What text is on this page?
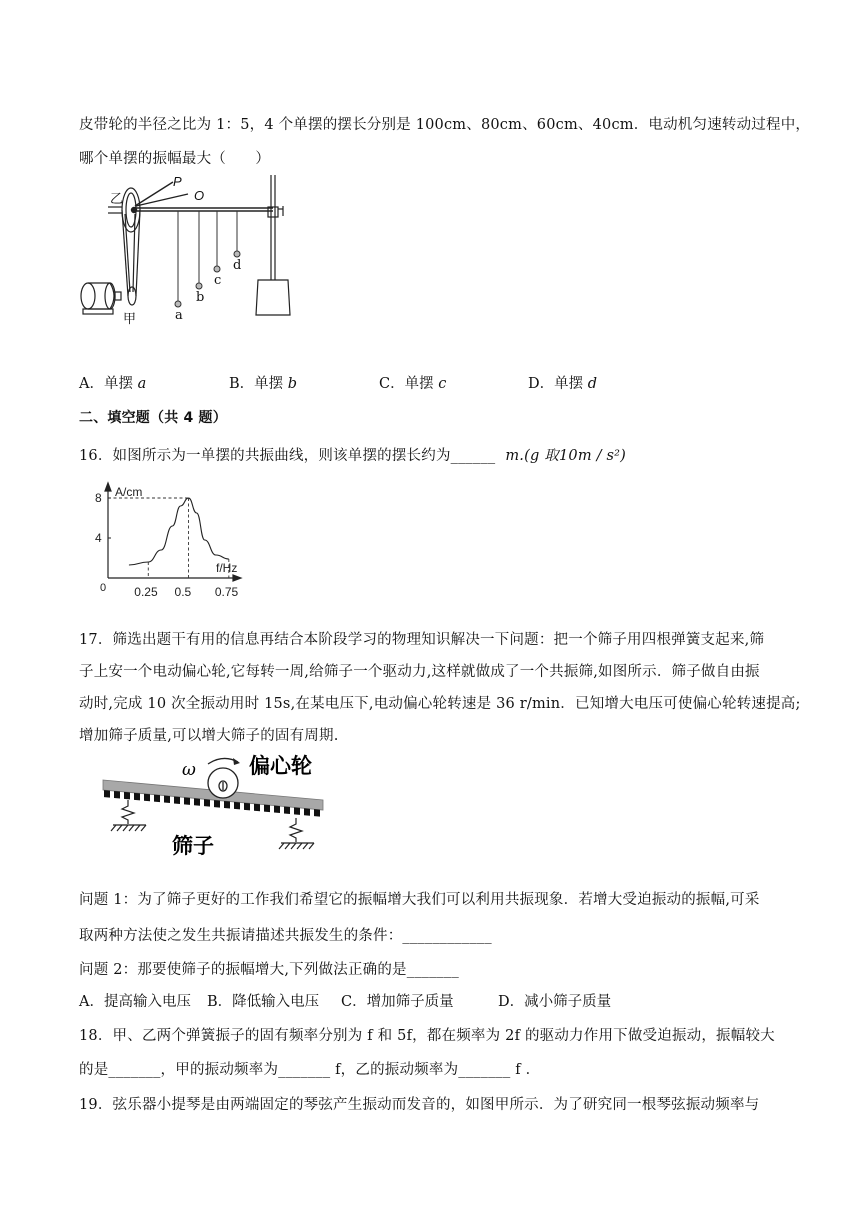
皮带轮的半径之比为 1：5，4 个单摆的摆长分别是 100cm、80cm、60cm、40cm．电动机匀速转动过程中，
哪个单摆的振幅最大（　　）
乙
P
O
甲	a
b
c
d
A．单摆 a	B．单摆 b	C．单摆 c	D．单摆 d
二、填空题（共 4 题）
16．如图所示为一单摆的共振曲线，则该单摆的摆长约为______ m.(g 取10m / s²)
A/cm
f/Hz
0 0.25 0.5 0.75
4
8
17．筛选出题干有用的信息再结合本阶段学习的物理知识解决一下问题：把一个筛子用四根弹簧支起来,筛
子上安一个电动偏心轮,它每转一周,给筛子一个驱动力,这样就做成了一个共振筛,如图所示．筛子做自由振
动时,完成 10 次全振动用时 15s,在某电压下,电动偏心轮转速是 36 r/min．已知增大电压可使偏心轮转速提高;
增加筛子质量,可以增大筛子的固有周期.
ω	偏心轮
筛子
问题 1：为了筛子更好的工作我们希望它的振幅增大我们可以利用共振现象．若增大受迫振动的振幅,可采
取两种方法使之发生共振请描述共振发生的条件：____________
问题 2：那要使筛子的振幅增大,下列做法正确的是_______
A．提高输入电压 B．降低输入电压 C．增加筛子质量	D．减小筛子质量
18．甲、乙两个弹簧振子的固有频率分别为 f 和 5f，都在频率为 2f 的驱动力作用下做受迫振动，振幅较大
的是_______，甲的振动频率为_______ f，乙的振动频率为_______ f ．
19．弦乐器小提琴是由两端固定的琴弦产生振动而发音的，如图甲所示．为了研究同一根琴弦振动频率与
